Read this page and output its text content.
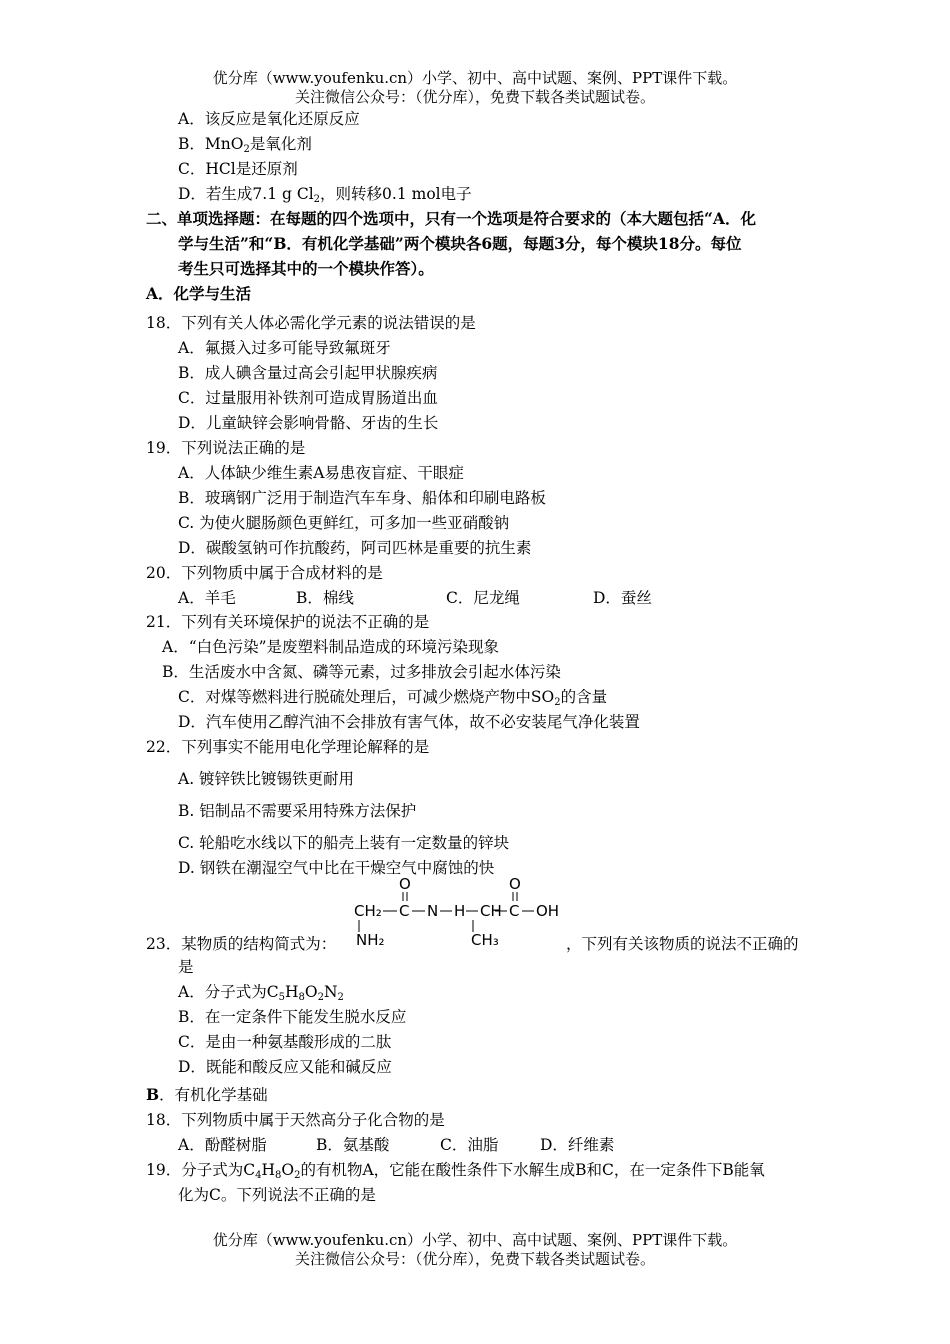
优分库（www.youfenku.cn）小学、初中、高中试题、案例、PPT课件下载。
关注微信公众号：（优分库），免费下载各类试题试卷。
A．该反应是氧化还原反应
B．MnO$_2$是氧化剂
C．HCl是还原剂
D．若生成7.1 g $Cl_2$，则转移0.1 mol电子
二、单项选择题：在每题的四个选项中，只有一个选项是符合要求的（本大题包括“A．化
学与生活”和“B．有机化学基础”两个模块各6题，每题3分，每个模块18分。每位
考生只可选择其中的一个模块作答）。
A．化学与生活
18．下列有关人体必需化学元素的说法错误的是
A．氟摄入过多可能导致氟斑牙
B．成人碘含量过高会引起甲状腺疾病
C．过量服用补铁剂可造成胃肠道出血
D．儿童缺锌会影响骨骼、牙齿的生长
19．下列说法正确的是
A．人体缺少维生素A易患夜盲症、干眼症
B．玻璃钢广泛用于制造汽车车身、船体和印刷电路板
C. 为使火腿肠颜色更鲜红，可多加一些亚硝酸钠
D．碳酸氢钠可作抗酸药，阿司匹林是重要的抗生素
20．下列物质中属于合成材料的是
A．羊毛	B．棉线	C．尼龙绳	D．蚕丝
21．下列有关环境保护的说法不正确的是
A．“白色污染”是废塑料制品造成的环境污染现象
B．生活废水中含氮、磷等元素，过多排放会引起水体污染
C．对煤等燃料进行脱硫处理后，可减少燃烧产物中$SO_2$的含量
D．汽车使用乙醇汽油不会排放有害气体，故不必安装尾气净化装置
22．下列事实不能用电化学理论解释的是
A. 镀锌铁比镀锡铁更耐用
B. 铝制品不需要采用特殊方法保护
C. 轮船吃水线以下的船壳上装有一定数量的锌块
D. 钢铁在潮湿空气中比在干燥空气中腐蚀的快
O	O
CH₂ C N H CH C OH
NH₂	CH₃
23．某物质的结构简式为：	，下列有关该物质的说法不正确的
是
A．分子式为$C_5H_8O_2N_2$
B．在一定条件下能发生脱水反应
C．是由一种氨基酸形成的二肽
D．既能和酸反应又能和碱反应
B．有机化学基础
18．下列物质中属于天然高分子化合物的是
A．酚醛树脂	B．氨基酸	C．油脂	D．纤维素
19．分子式为$C_4H_8O_2$的有机物A，它能在酸性条件下水解生成B和C，在一定条件下B能氧
化为C。下列说法不正确的是
优分库（www.youfenku.cn）小学、初中、高中试题、案例、PPT课件下载。
关注微信公众号：（优分库），免费下载各类试题试卷。
